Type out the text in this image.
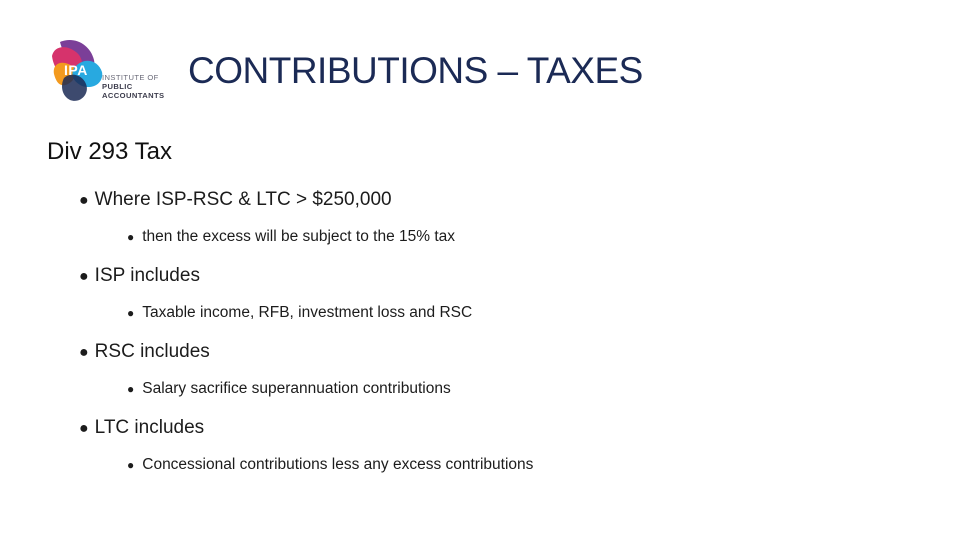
IPA INSTITUTE OF
PUBLIC
ACCOUNTANTS
CONTRIBUTIONS – TAXES
Div 293 Tax
● Where ISP-RSC & LTC > $250,000
● then the excess will be subject to the 15% tax
● ISP includes
● Taxable income, RFB, investment loss and RSC
● RSC includes
● Salary sacrifice superannuation contributions
● LTC includes
● Concessional contributions less any excess contributions
